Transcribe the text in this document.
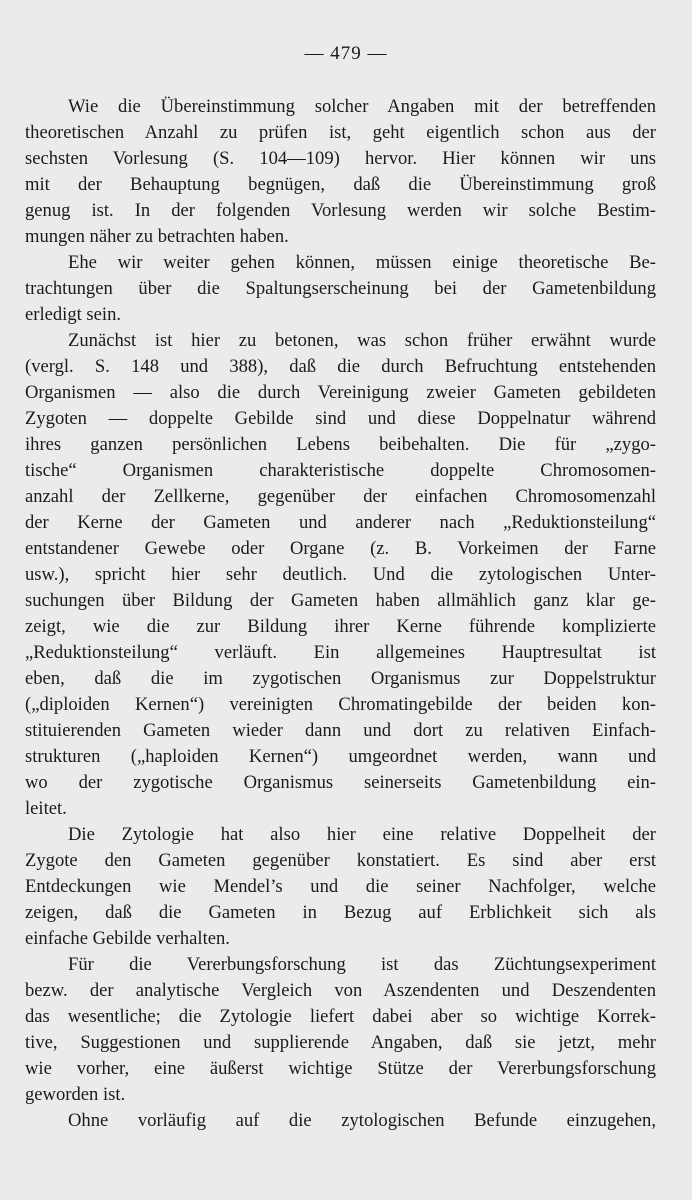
— 479 —
Wie die Übereinstimmung solcher Angaben mit der betreffenden
theoretischen Anzahl zu prüfen ist, geht eigentlich schon aus der
sechsten Vorlesung (S. 104—109) hervor. Hier können wir uns
mit der Behauptung begnügen, daß die Übereinstimmung groß
genug ist. In der folgenden Vorlesung werden wir solche Bestim-
mungen näher zu betrachten haben.
Ehe wir weiter gehen können, müssen einige theoretische Be-
trachtungen über die Spaltungserscheinung bei der Gametenbildung
erledigt sein.
Zunächst ist hier zu betonen, was schon früher erwähnt wurde
(vergl. S. 148 und 388), daß die durch Befruchtung entstehenden
Organismen — also die durch Vereinigung zweier Gameten gebildeten
Zygoten — doppelte Gebilde sind und diese Doppelnatur während
ihres ganzen persönlichen Lebens beibehalten. Die für „zygo-
tische“ Organismen charakteristische doppelte Chromosomen-
anzahl der Zellkerne, gegenüber der einfachen Chromosomenzahl
der Kerne der Gameten und anderer nach „Reduktionsteilung“
entstandener Gewebe oder Organe (z. B. Vorkeimen der Farne
usw.), spricht hier sehr deutlich. Und die zytologischen Unter-
suchungen über Bildung der Gameten haben allmählich ganz klar ge-
zeigt, wie die zur Bildung ihrer Kerne führende komplizierte
„Reduktionsteilung“ verläuft. Ein allgemeines Hauptresultat ist
eben, daß die im zygotischen Organismus zur Doppelstruktur
(„diploiden Kernen“) vereinigten Chromatingebilde der beiden kon-
stituierenden Gameten wieder dann und dort zu relativen Einfach-
strukturen („haploiden Kernen“) umgeordnet werden, wann und
wo der zygotische Organismus seinerseits Gametenbildung ein-
leitet.
Die Zytologie hat also hier eine relative Doppelheit der
Zygote den Gameten gegenüber konstatiert. Es sind aber erst
Entdeckungen wie Mendel’s und die seiner Nachfolger, welche
zeigen, daß die Gameten in Bezug auf Erblichkeit sich als
einfache Gebilde verhalten.
Für die Vererbungsforschung ist das Züchtungsexperiment
bezw. der analytische Vergleich von Aszendenten und Deszendenten
das wesentliche; die Zytologie liefert dabei aber so wichtige Korrek-
tive, Suggestionen und supplierende Angaben, daß sie jetzt, mehr
wie vorher, eine äußerst wichtige Stütze der Vererbungsforschung
geworden ist.
Ohne vorläufig auf die zytologischen Befunde einzugehen,
